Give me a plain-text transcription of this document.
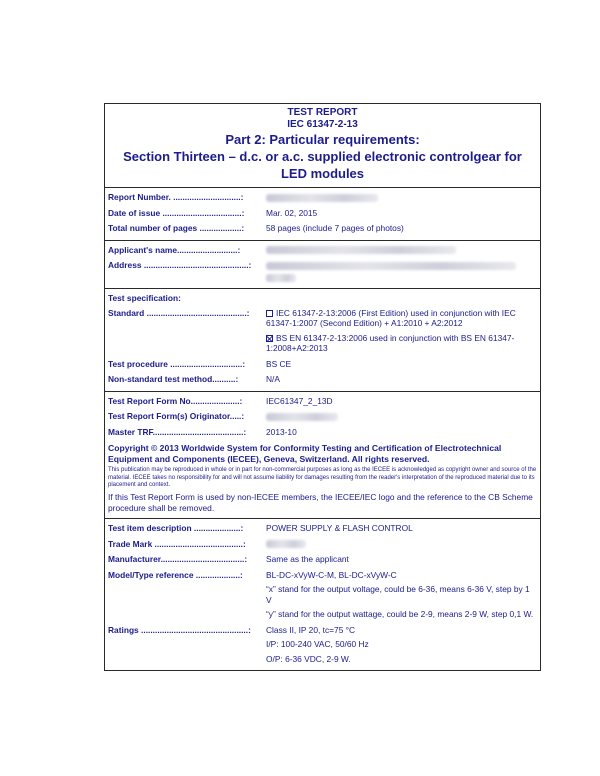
TEST REPORT
IEC 61347-2-13
Part 2: Particular requirements:
Section Thirteen – d.c. or a.c. supplied electronic controlgear for
LED modules
Report Number. .............................:
Date of issue ..................................:	Mar. 02, 2015
Total number of pages ..................:	58 pages (include 7 pages of photos)
Applicant's name..........................:
Address .............................................:

Test specification:
Standard ...........................................:	IEC 61347-2-13:2006 (First Edition) used in conjunction with IEC 61347-1:2007 (Second Edition) + A1:2010 + A2:2012

BS EN 61347-2-13:2006 used in conjunction with BS EN 61347-1:2008+A2:2013

Test procedure ...............................:	BS CE
Non-standard test method..........:	N/A
Test Report Form No.....................:	IEC61347_2_13D
Test Report Form(s) Originator.....:
Master TRF.......................................:	2013-10
Copyright © 2013 Worldwide System for Conformity Testing and Certification of Electrotechnical Equipment and Components (IECEE), Geneva, Switzerland. All rights reserved.
This publication may be reproduced in whole or in part for non-commercial purposes as long as the IECEE is acknowledged as copyright owner and source of the material. IECEE takes no responsibility for and will not assume liability for damages resulting from the reader's interpretation of the reproduced material due to its placement and context.
If this Test Report Form is used by non-IECEE members, the IECEE/IEC logo and the reference to the CB Scheme procedure shall be removed.
Test item description ....................:	POWER SUPPLY & FLASH CONTROL
Trade Mark ......................................:
Manufacturer....................................:	Same as the applicant
Model/Type reference ...................:	BL-DC-xVyW-C-M, BL-DC-xVyW-C

“x” stand for the output voltage, could be 6-36, means 6-36 V, step by 1 V

“y” stand for the output wattage, could be 2-9, means 2-9 W, step 0,1 W.

Ratings ..............................................:	Class II, IP 20, tc=75 °C

I/P: 100-240 VAC, 50/60 Hz

O/P: 6-36 VDC, 2-9 W.
